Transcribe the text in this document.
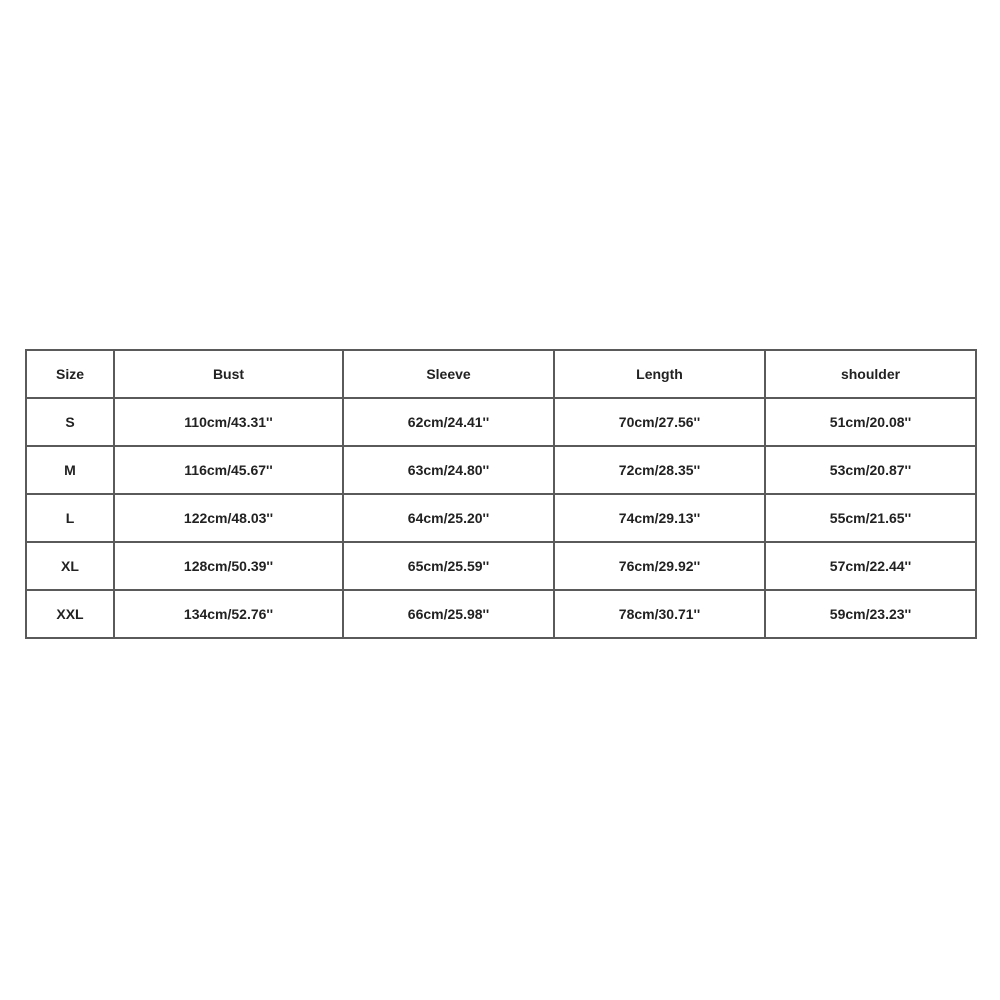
Size	Bust	Sleeve	Length	shoulder
S	110cm/43.31''	62cm/24.41''	70cm/27.56''	51cm/20.08''
M	116cm/45.67''	63cm/24.80''	72cm/28.35''	53cm/20.87''
L	122cm/48.03''	64cm/25.20''	74cm/29.13''	55cm/21.65''
XL	128cm/50.39''	65cm/25.59''	76cm/29.92''	57cm/22.44''
XXL	134cm/52.76''	66cm/25.98''	78cm/30.71''	59cm/23.23''
